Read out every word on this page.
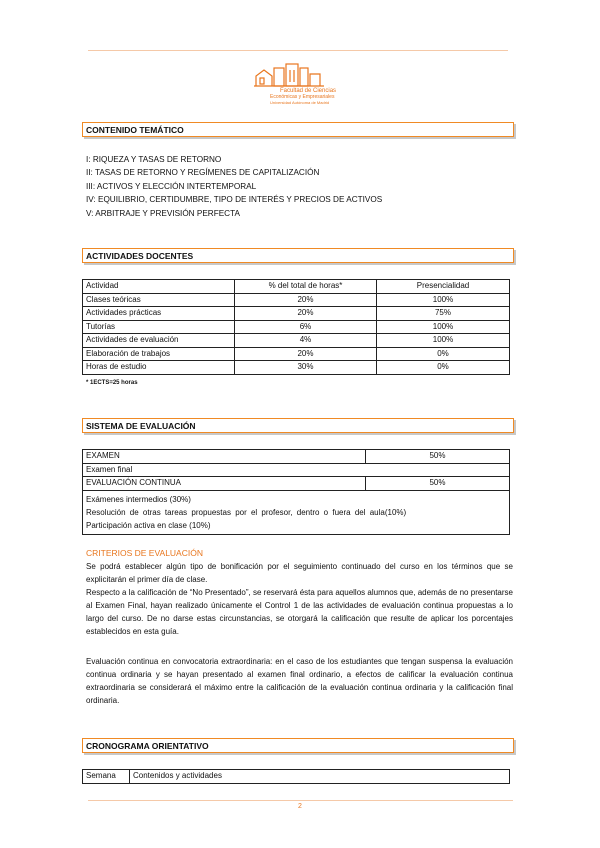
Facultad de Ciencias
Económicas y Empresariales
Universidad Autónoma de Madrid
CONTENIDO TEMÁTICO
I: RIQUEZA Y TASAS DE RETORNO
II: TASAS DE RETORNO Y REGÍMENES DE CAPITALIZACIÓN
III: ACTIVOS Y ELECCIÓN INTERTEMPORAL
IV: EQUILIBRIO, CERTIDUMBRE, TIPO DE INTERÉS Y PRECIOS DE ACTIVOS
V: ARBITRAJE Y PREVISIÓN PERFECTA
ACTIVIDADES DOCENTES
Actividad	% del total de horas*	Presencialidad
Clases teóricas	20%	100%
Actividades prácticas	20%	75%
Tutorías	6%	100%
Actividades de evaluación	4%	100%
Elaboración de trabajos	20%	0%
Horas de estudio	30%	0%
* 1ECTS=25 horas
SISTEMA DE EVALUACIÓN
EXAMEN	50%
Examen final	
EVALUACIÓN CONTINUA	50%

Exámenes intermedios (30%)
Resolución de otras tareas propuestas por el profesor, dentro o fuera del aula(10%)
Participación activa en clase (10%)	
CRITERIOS DE EVALUACIÓN
Se podrá establecer algún tipo de bonificación por el seguimiento continuado del curso en los términos que se explicitarán el primer día de clase.
Respecto a la calificación de “No Presentado”, se reservará ésta para aquellos alumnos que, además de no presentarse al Examen Final, hayan realizado únicamente el Control 1 de las actividades de evaluación continua propuestas a lo largo del curso. De no darse estas circunstancias, se otorgará la calificación que resulte de aplicar los porcentajes establecidos en esta guía.
Evaluación continua en convocatoria extraordinaria: en el caso de los estudiantes que tengan suspensa la evaluación continua ordinaria y se hayan presentado al examen final ordinario, a efectos de calificar la evaluación continua extraordinaria se considerará el máximo entre la calificación de la evaluación continua ordinaria y la calificación final ordinaria.
CRONOGRAMA ORIENTATIVO
Semana	Contenidos y actividades
2
